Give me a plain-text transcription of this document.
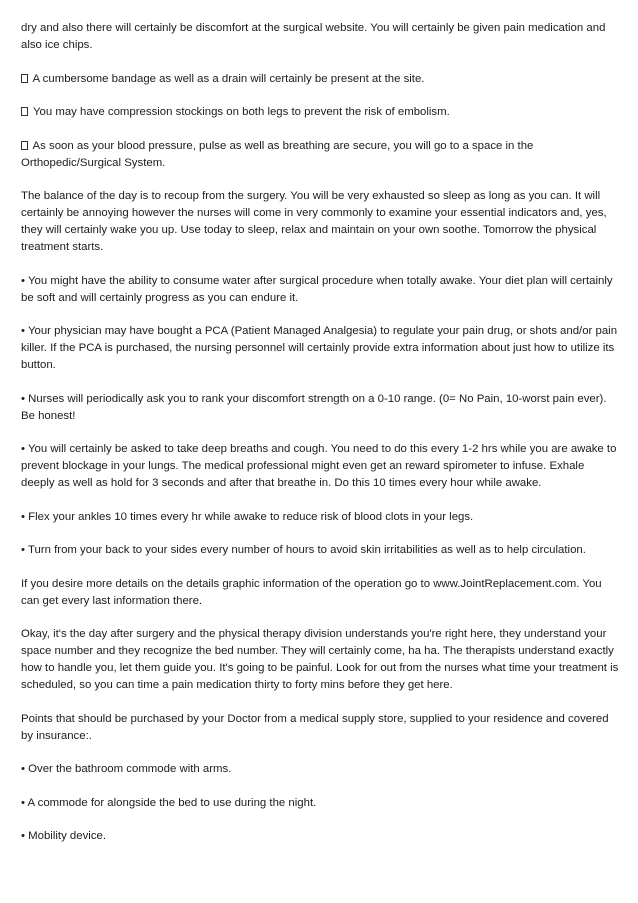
dry and also there will certainly be discomfort at the surgical website. You will certainly be given pain medication and also ice chips.

A cumbersome bandage as well as a drain will certainly be present at the site.

You may have compression stockings on both legs to prevent the risk of embolism.

As soon as your blood pressure, pulse as well as breathing are secure, you will go to a space in the Orthopedic/Surgical System.

The balance of the day is to recoup from the surgery. You will be very exhausted so sleep as long as you can. It will certainly be annoying however the nurses will come in very commonly to examine your essential indicators and, yes, they will certainly wake you up. Use today to sleep, relax and maintain on your own soothe. Tomorrow the physical treatment starts.

• You might have the ability to consume water after surgical procedure when totally awake. Your diet plan will certainly be soft and will certainly progress as you can endure it.

• Your physician may have bought a PCA (Patient Managed Analgesia) to regulate your pain drug, or shots and/or pain killer. If the PCA is purchased, the nursing personnel will certainly provide extra information about just how to utilize its button.

• Nurses will periodically ask you to rank your discomfort strength on a 0-10 range. (0= No Pain, 10-worst pain ever). Be honest!

• You will certainly be asked to take deep breaths and cough. You need to do this every 1-2 hrs while you are awake to prevent blockage in your lungs. The medical professional might even get an reward spirometer to infuse. Exhale deeply as well as hold for 3 seconds and after that breathe in. Do this 10 times every hour while awake.

• Flex your ankles 10 times every hr while awake to reduce risk of blood clots in your legs.

• Turn from your back to your sides every number of hours to avoid skin irritabilities as well as to help circulation.

If you desire more details on the details graphic information of the operation go to www.JointReplacement.com. You can get every last information there.

Okay, it's the day after surgery and the physical therapy division understands you're right here, they understand your space number and they recognize the bed number. They will certainly come, ha ha. The therapists understand exactly how to handle you, let them guide you. It's going to be painful. Look for out from the nurses what time your treatment is scheduled, so you can time a pain medication thirty to forty mins before they get here.

Points that should be purchased by your Doctor from a medical supply store, supplied to your residence and covered by insurance:.

• Over the bathroom commode with arms.

• A commode for alongside the bed to use during the night.

• Mobility device.
